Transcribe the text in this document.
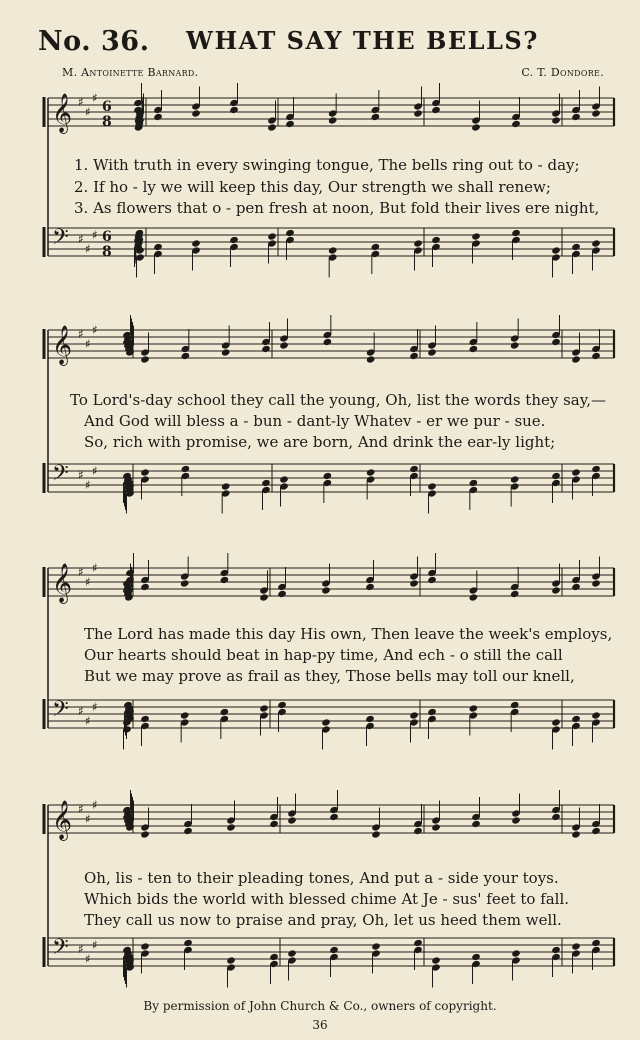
No. 36. WHAT SAY THE BELLS?
M. Antoinette Barnard.	C. T. Dondore.
𝄞 ♯
♯
♯
6
8
𝄢 ♯
♯
♯ 6
8
𝄞 ♯
♯
♯
𝄢 ♯
♯
♯
𝄞 ♯
♯
♯
𝄢 ♯
♯
♯
𝄞 ♯
♯
♯
𝄢 ♯
♯
♯
1. With truth in every swinging tongue, The bells ring out to - day;
2. If ho - ly we will keep this day, Our strength we shall renew;
3. As flowers that o - pen fresh at noon, But fold their lives ere night,
To Lord's-day school they call the young, Oh, list the words they say,—
And God will bless a - bun - dant-ly Whatev - er we pur - sue.
So, rich with promise, we are born, And drink the ear-ly light;
The Lord has made this day His own, Then leave the week's employs,
Our hearts should beat in hap-py time, And ech - o still the call
But we may prove as frail as they, Those bells may toll our knell,
Oh, lis - ten to their pleading tones, And put a - side your toys.
Which bids the world with blessed chime At Je - sus' feet to fall.
They call us now to praise and pray, Oh, let us heed them well.
By permission of John Church & Co., owners of copyright.
36
